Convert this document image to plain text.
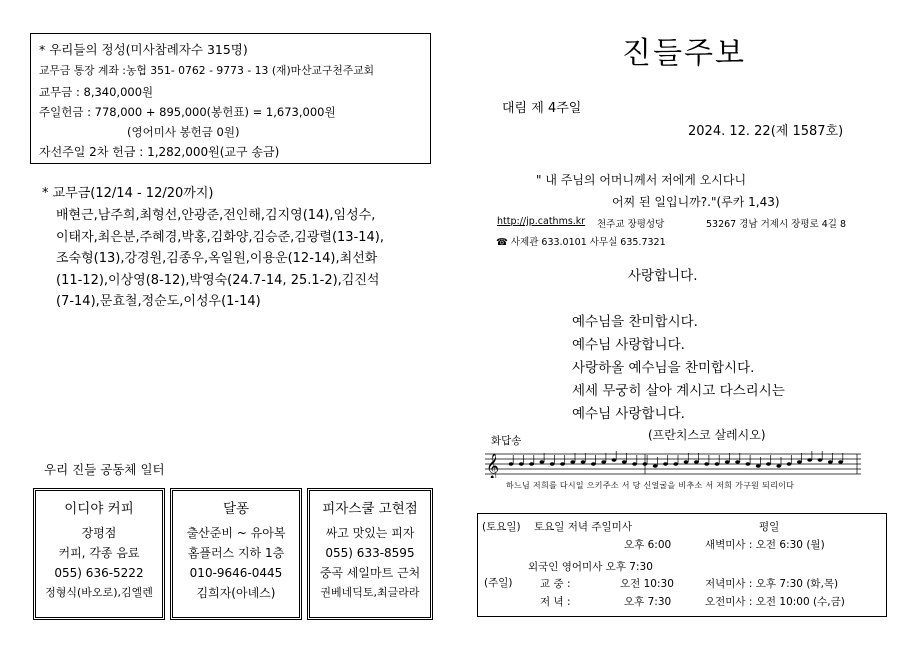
* 우리들의 정성(미사참례자수 315명)
교무금 통장 계좌 :농협 351- 0762 - 9773 - 13 (재)마산교구천주교회
교무금 : 8,340,000원
주일헌금 : 778,000 + 895,000(봉헌표) = 1,673,000원
(영어미사 봉헌금 0원)
자선주일 2차 헌금 : 1,282,000원(교구 송금)
* 교무금(12/14 - 12/20까지)
배현근,남주희,최형선,안광준,전인해,김지영(14),임성수,
이태자,최은분,주혜경,박홍,김화양,김승준,김광렬(13-14),
조숙형(13),강경원,김종우,옥일원,이용운(12-14),최선화
(11-12),이상영(8-12),박영숙(24.7-14, 25.1-2),김진석
(7-14),문효철,정순도,이성우(1-14)
우리 진들 공동체 일터
이디야 커피
장평점
커피, 각종 음료
055) 636-5222
정형식(바오로),김엘렌
달퐁
출산준비 ~ 유아복
홈플러스 지하 1층
010-9646-0445
김희자(아녜스)
피자스쿨 고현점
싸고 맛있는 피자
055) 633-8595
중곡 세일마트 근처
권베네딕토,최글라라
진들주보
대림 제 4주일
2024. 12. 22(제 1587호)
" 내 주님의 어머니께서 저에게 오시다니
어찌 된 일입니까?."(루카 1,43)
http://jp.cathms.kr 천주교 장평성당	53267 경남 거제시 장평로 4길 8
☎ 사제관 633.0101 사무실 635.7321
사랑합니다.
예수님을 찬미합시다.
예수님 사랑합니다.
사랑하올 예수님을 찬미합시다.
세세 무궁히 살아 계시고 다스리시는
예수님 사랑합니다.
(프란치스코 살레시오)
화답송
𝄞
하느님 저희를 다시일 으키주소 서 당 신얼굴을 비추소 서 저희 가구원 되리이다
(토요일) 토요일 저녁 주일미사	평일
오후 6:00	새벽미사 : 오전 6:30 (월)
외국인 영어미사 오후 7:30
(주일)	교 중 :	오전 10:30	저녁미사 : 오후 7:30 (화,목)
저 녁 :	오후 7:30	오전미사 : 오전 10:00 (수,금)
